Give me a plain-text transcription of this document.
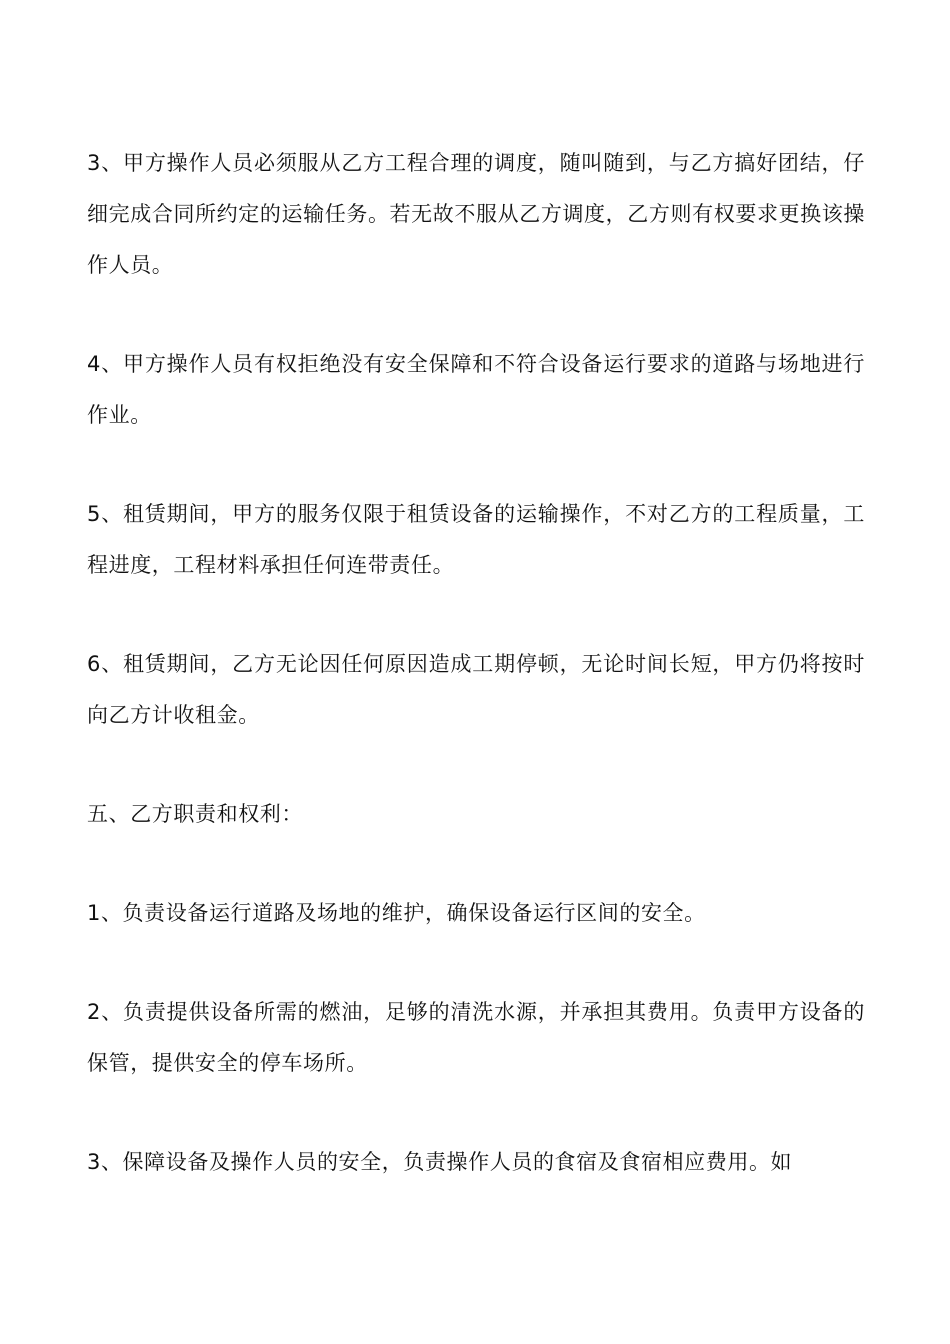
3、甲方操作人员必须服从乙方工程合理的调度，随叫随到，与乙方搞好团结，仔细完成合同所约定的运输任务。若无故不服从乙方调度，乙方则有权要求更换该操作人员。

4、甲方操作人员有权拒绝没有安全保障和不符合设备运行要求的道路与场地进行作业。

5、租赁期间，甲方的服务仅限于租赁设备的运输操作，不对乙方的工程质量，工程进度，工程材料承担任何连带责任。

6、租赁期间，乙方无论因任何原因造成工期停顿，无论时间长短，甲方仍将按时向乙方计收租金。

五、乙方职责和权利：

1、负责设备运行道路及场地的维护，确保设备运行区间的安全。

2、负责提供设备所需的燃油，足够的清洗水源，并承担其费用。负责甲方设备的保管，提供安全的停车场所。

3、保障设备及操作人员的安全，负责操作人员的食宿及食宿相应费用。如
